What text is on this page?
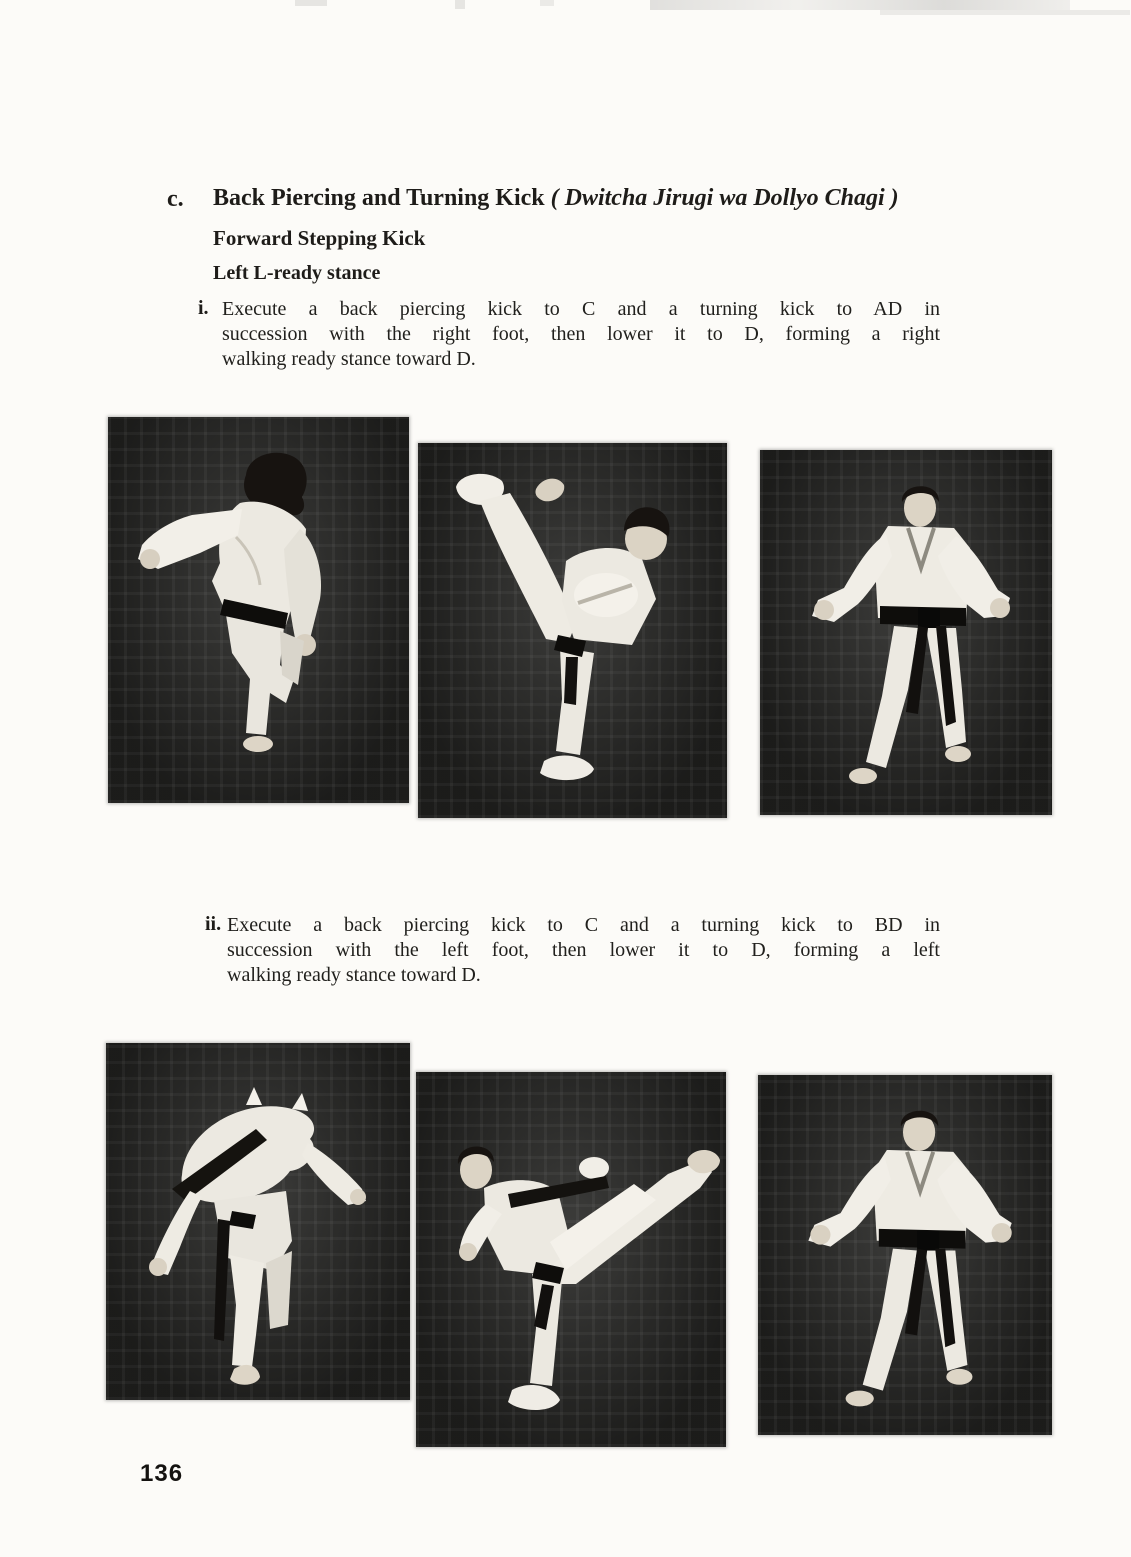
c. Back Piercing and Turning Kick ( Dwitcha Jirugi wa Dollyo Chagi )
Forward Stepping Kick
Left L-ready stance
i. Execute a back piercing kick to C and a turning kick to AD in
succession with the right foot, then lower it to D, forming a right
walking ready stance toward D.
ii. Execute a back piercing kick to C and a turning kick to BD in
succession with the left foot, then lower it to D, forming a left
walking ready stance toward D.
136
